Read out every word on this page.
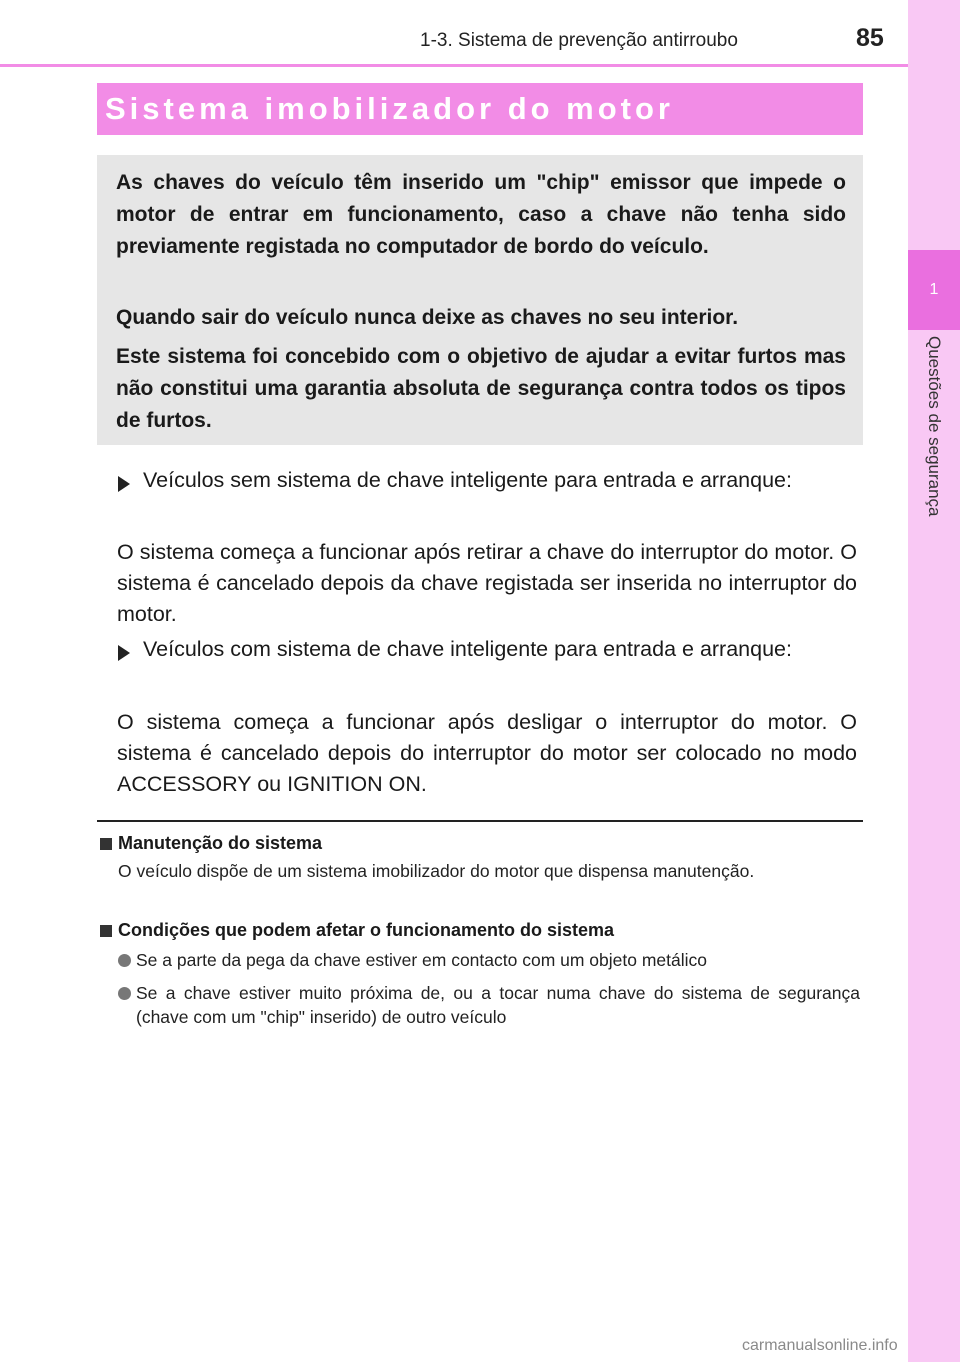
1-3. Sistema de prevenção antirroubo	85
1
Questões de segurança
Sistema imobilizador do motor

As chaves do veículo têm inserido um "chip" emissor que impede o motor de entrar em funcionamento, caso a chave não tenha sido previamente registada no computador de bordo do veículo.

Quando sair do veículo nunca deixe as chaves no seu interior.

Este sistema foi concebido com o objetivo de ajudar a evitar furtos mas não constitui uma garantia absoluta de segurança contra todos os tipos de furtos.

Veículos sem sistema de chave inteligente para entrada e arranque:

O sistema começa a funcionar após retirar a chave do interruptor do motor. O sistema é cancelado depois da chave registada ser inserida no interruptor do motor.

Veículos com sistema de chave inteligente para entrada e arranque:

O sistema começa a funcionar após desligar o interruptor do motor. O sistema é cancelado depois do interruptor do motor ser colocado no modo ACCESSORY ou IGNITION ON.

Manutenção do sistema

O veículo dispõe de um sistema imobilizador do motor que dispensa manutenção.

Condições que podem afetar o funcionamento do sistema

Se a parte da pega da chave estiver em contacto com um objeto metálico

Se a chave estiver muito próxima de, ou a tocar numa chave do sistema de segurança (chave com um "chip" inserido) de outro veículo

carmanualsonline.info
